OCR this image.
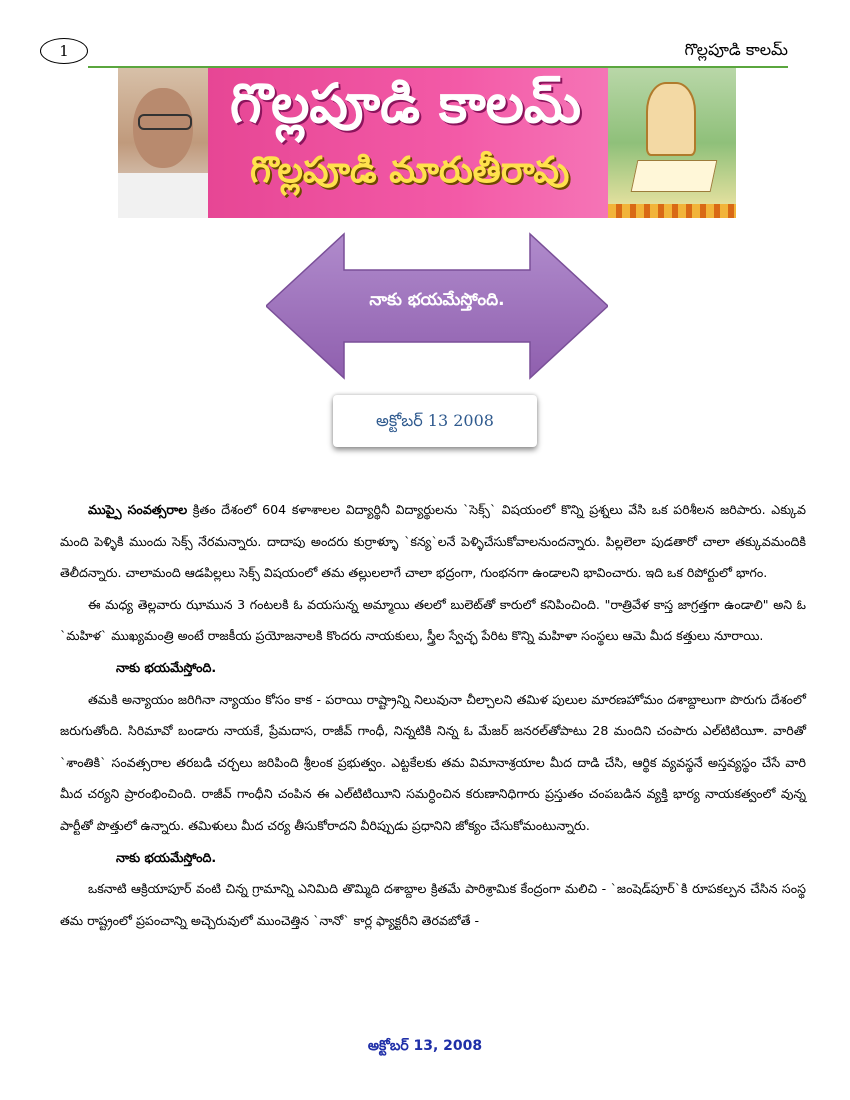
1	గొల్లపూడి కాలమ్
గొల్లపూడి కాలమ్
గొల్లపూడి మారుతీరావు
నాకు భయమేస్తోంది.
అక్టోబర్ 13 2008

ముప్పై సంవత్సరాల క్రితం దేశంలో 604 కళాశాలల విద్యార్థినీ విద్యార్థులను `సెక్స్` విషయంలో కొన్ని ప్రశ్నలు వేసి ఒక పరిశీలన జరిపారు. ఎక్కువ మంది పెళ్ళికి ముందు సెక్స్ నేరమన్నారు. దాదాపు అందరు కుర్రాళ్ళూ `కన్య`లనే పెళ్ళిచేసుకోవాలనుందన్నారు. పిల్లలెలా పుడతారో చాలా తక్కువమందికి తెలీదన్నారు. చాలామంది ఆడపిల్లలు సెక్స్ విషయంలో తమ తల్లులలాగే చాలా భద్రంగా, గుంభనగా ఉండాలని భావించారు. ఇది ఒక రిపోర్టులో భాగం.

ఈ మధ్య తెల్లవారు ఝామున 3 గంటలకి ఓ వయసున్న అమ్మాయి తలలో బులెట్‌తో కారులో కనిపించింది. "రాత్రివేళ కాస్త జాగ్రత్తగా ఉండాలి" అని ఓ `మహిళ` ముఖ్యమంత్రి అంటే రాజకీయ ప్రయోజనాలకి కొందరు నాయకులు, స్త్రీల స్వేచ్ఛ పేరిట కొన్ని మహిళా సంస్థలు ఆమె మీద కత్తులు నూరాయి.

నాకు భయమేస్తోంది.

తమకి అన్యాయం జరిగినా న్యాయం కోసం కాక - పరాయి రాష్ట్రాన్ని నిలువునా చీల్చాలని తమిళ పులుల మారణహోమం దశాబ్దాలుగా పొరుగు దేశంలో జరుగుతోంది. సిరిమావో బండారు నాయకే, ప్రేమదాస, రాజీవ్ గాంధీ, నిన్నటికి నిన్న ఓ మేజర్ జనరల్‌తోపాటు 28 మందిని చంపారు ఎల్‌టిటియీా. వారితో `శాంతికి` సంవత్సరాల తరబడి చర్చలు జరిపింది శ్రీలంక ప్రభుత్వం. ఎట్టకేలకు తమ విమానాశ్రయాల మీద దాడి చేసి, ఆర్థిక వ్యవస్థనే అస్తవ్యస్థం చేసే వారి మీద చర్యని ప్రారంభించింది. రాజీవ్ గాంధీని చంపిన ఈ ఎల్‌టిటియీని సమర్ధించిన కరుణానిధిగారు ప్రస్తుతం చంపబడిన వ్యక్తి భార్య నాయకత్వంలో వున్న పార్టీతో పొత్తులో ఉన్నారు. తమిళులు మీద చర్య తీసుకోరాదని వీరిప్పుడు ప్రధానిని జోక్యం చేసుకోమంటున్నారు.

నాకు భయమేస్తోంది.

ఒకనాటి ఆక్రియాపూర్ వంటి చిన్న గ్రామాన్ని ఎనిమిది తొమ్మిది దశాబ్దాల క్రితమే పారిశ్రామిక కేంద్రంగా మలిచి - `జంషెడ్‌పూర్`కి రూపకల్పన చేసిన సంస్థ తమ రాష్ట్రంలో ప్రపంచాన్ని అచ్చెరువులో ముంచెత్తిన `నానో` కార్ల ఫ్యాక్టరీని తెరవబోతే -

అక్టోబర్ 13, 2008
